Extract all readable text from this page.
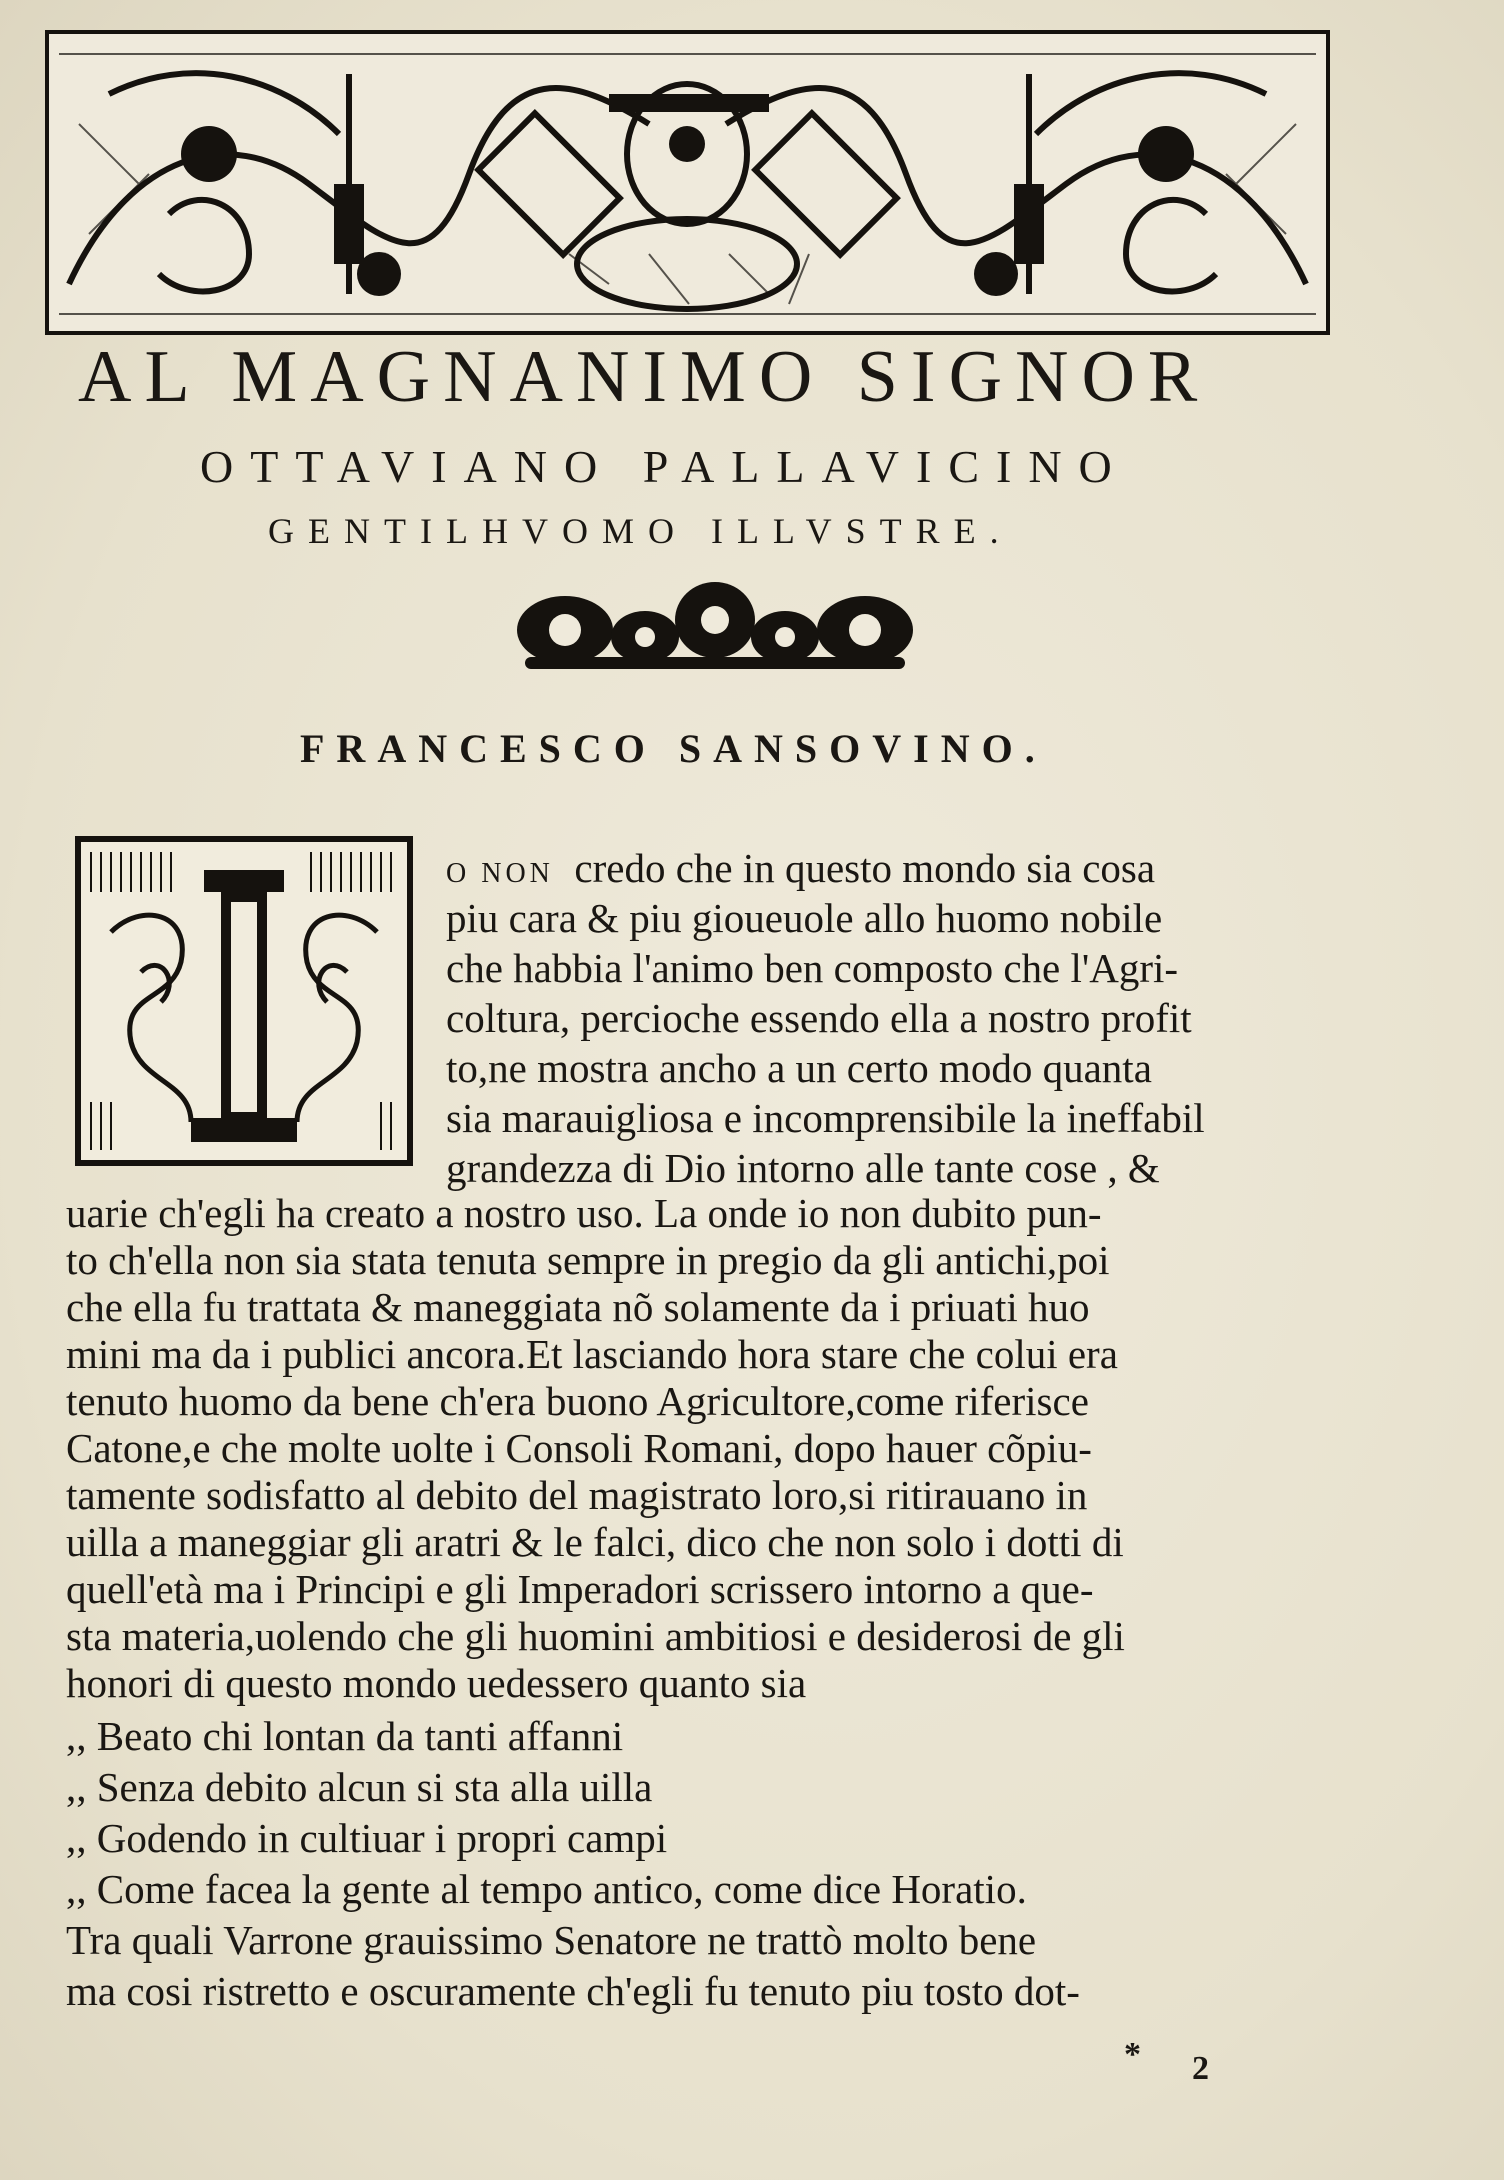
AL MAGNANIMO SIGNOR
OTTAVIANO PALLAVICINO
GENTILHVOMO ILLVSTRE.
FRANCESCO SANSOVINO.
O NON credo che in questo mondo sia cosa
piu cara & piu gioueuole allo huomo nobile
che habbia l'animo ben composto che l'Agri-
coltura, percioche essendo ella a nostro profit
to,ne mostra ancho a un certo modo quanta
sia marauigliosa e incomprensibile la ineffabil
grandezza di Dio intorno alle tante cose , &
uarie ch'egli ha creato a nostro uso. La onde io non dubito pun-
to ch'ella non sia stata tenuta sempre in pregio da gli antichi,poi
che ella fu trattata & maneggiata nõ solamente da i priuati huo
mini ma da i publici ancora.Et lasciando hora stare che colui era
tenuto huomo da bene ch'era buono Agricultore,come riferisce
Catone,e che molte uolte i Consoli Romani, dopo hauer cõpiu-
tamente sodisfatto al debito del magistrato loro,si ritirauano in
uilla a maneggiar gli aratri & le falci, dico che non solo i dotti di
quell'età ma i Principi e gli Imperadori scrissero intorno a que-
sta materia,uolendo che gli huomini ambitiosi e desiderosi de gli
honori di questo mondo uedessero quanto sia
,, Beato chi lontan da tanti affanni
,, Senza debito alcun si sta alla uilla
,, Godendo in cultiuar i propri campi
,, Come facea la gente al tempo antico, come dice Horatio.
Tra quali Varrone grauissimo Senatore ne trattò molto bene
ma cosi ristretto e oscuramente ch'egli fu tenuto piu tosto dot-
* 2
